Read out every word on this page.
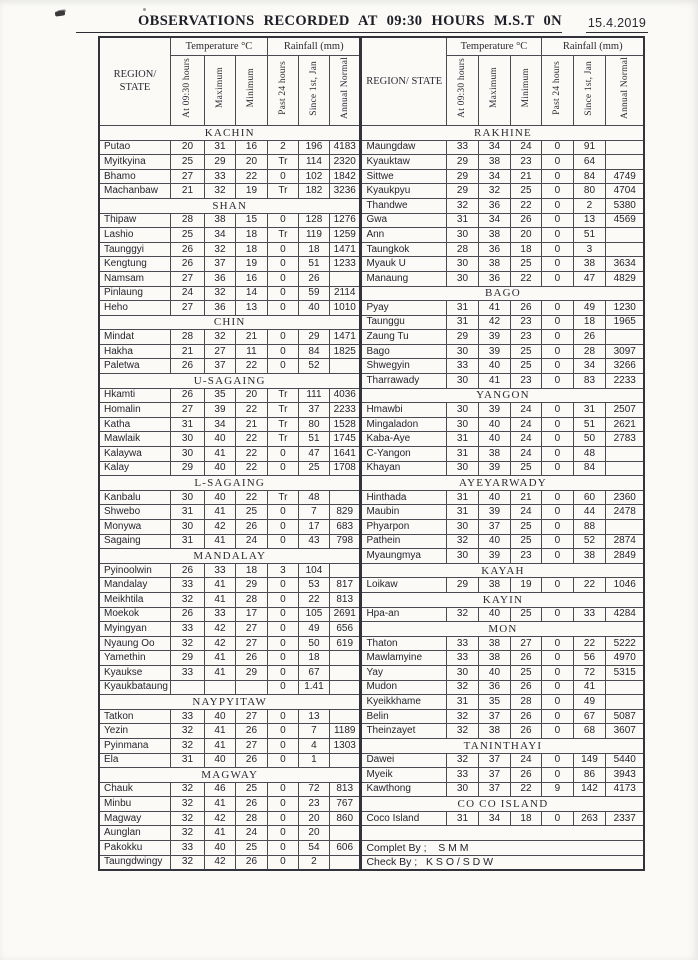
OBSERVATIONS RECORDED AT 09:30 HOURS M.S.T 0N 15.4.2019
REGION/ STATE	Temperature °C			Rainfall (mm)		
	At 09:30 hours	Maximum	Minimum	Past 24 hours	Since 1st, Jan	Annual Normal
KACHIN						
Putao	20	31	16	2	196	4183
Myitkyina	25	29	20	Tr	114	2320
Bhamo	27	33	22	0	102	1842
Machanbaw	21	32	19	Tr	182	3236
SHAN						
Thipaw	28	38	15	0	128	1276
Lashio	25	34	18	Tr	119	1259
Taunggyi	26	32	18	0	18	1471
Kengtung	26	37	19	0	51	1233
Namsam	27	36	16	0	26	
Pinlaung	24	32	14	0	59	2114
Heho	27	36	13	0	40	1010
CHIN						
Mindat	28	32	21	0	29	1471
Hakha	21	27	11	0	84	1825
Paletwa	26	37	22	0	52	
U-SAGAING						
Hkamti	26	35	20	Tr	111	4036
Homalin	27	39	22	Tr	37	2233
Katha	31	34	21	Tr	80	1528
Mawlaik	30	40	22	Tr	51	1745
Kalaywa	30	41	22	0	47	1641
Kalay	29	40	22	0	25	1708
L-SAGAING						
Kanbalu	30	40	22	Tr	48	
Shwebo	31	41	25	0	7	829
Monywa	30	42	26	0	17	683
Sagaing	31	41	24	0	43	798
MANDALAY						
Pyinoolwin	26	33	18	3	104	
Mandalay	33	41	29	0	53	817
Meikhtila	32	41	28	0	22	813
Moekok	26	33	17	0	105	2691
Myingyan	33	42	27	0	49	656
Nyaung Oo	32	42	27	0	50	619
Yamethin	29	41	26	0	18	
Kyaukse	33	41	29	0	67	
Kyaukbataung				0	1.41	
NAYPYITAW						
Tatkon	33	40	27	0	13	
Yezin	32	41	26	0	7	1189
Pyinmana	32	41	27	0	4	1303
Ela	31	40	26	0	1	
MAGWAY						
Chauk	32	46	25	0	72	813
Minbu	32	41	26	0	23	767
Magway	32	42	28	0	20	860
Aunglan	32	41	24	0	20	
Pakokku	33	40	25	0	54	606
Taungdwingy	32	42	26	0	2	
REGION/ STATE	Temperature °C			Rainfall (mm)		
	At 09:30 hours	Maximum	Minimum	Past 24 hours	Since 1st, Jan	Annual Normal
RAKHINE						
Maungdaw	33	34	24	0	91	
Kyauktaw	29	38	23	0	64	
Sittwe	29	34	21	0	84	4749
Kyaukpyu	29	32	25	0	80	4704
Thandwe	32	36	22	0	2	5380
Gwa	31	34	26	0	13	4569
Ann	30	38	20	0	51	
Taungkok	28	36	18	0	3	
Myauk U	30	38	25	0	38	3634
Manaung	30	36	22	0	47	4829
BAGO						
Pyay	31	41	26	0	49	1230
Taunggu	31	42	23	0	18	1965
Zaung Tu	29	39	23	0	26	
Bago	30	39	25	0	28	3097
Shwegyin	33	40	25	0	34	3266
Tharrawady	30	41	23	0	83	2233
YANGON						
Hmawbi	30	39	24	0	31	2507
Mingaladon	30	40	24	0	51	2621
Kaba-Aye	31	40	24	0	50	2783
C-Yangon	31	38	24	0	48	
Khayan	30	39	25	0	84	
AYEYARWADY						
Hinthada	31	40	21	0	60	2360
Maubin	31	39	24	0	44	2478
Phyarpon	30	37	25	0	88	
Pathein	32	40	25	0	52	2874
Myaungmya	30	39	23	0	38	2849
KAYAH						
Loikaw	29	38	19	0	22	1046
KAYIN						
Hpa-an	32	40	25	0	33	4284
MON						
Thaton	33	38	27	0	22	5222
Mawlamyine	33	38	26	0	56	4970
Yay	30	40	25	0	72	5315
Mudon	32	36	26	0	41	
Kyeikkhame	31	35	28	0	49	
Belin	32	37	26	0	67	5087
Theinzayet	32	38	26	0	68	3607
TANINTHAYI						
Dawei	32	37	24	0	149	5440
Myeik	33	37	26	0	86	3943
Kawthong	30	37	22	9	142	4173
CO CO ISLAND						
Coco Island	31	34	18	0	263	2337

Complet By ;    S M M						
Check By ;   K S O / S D W						
